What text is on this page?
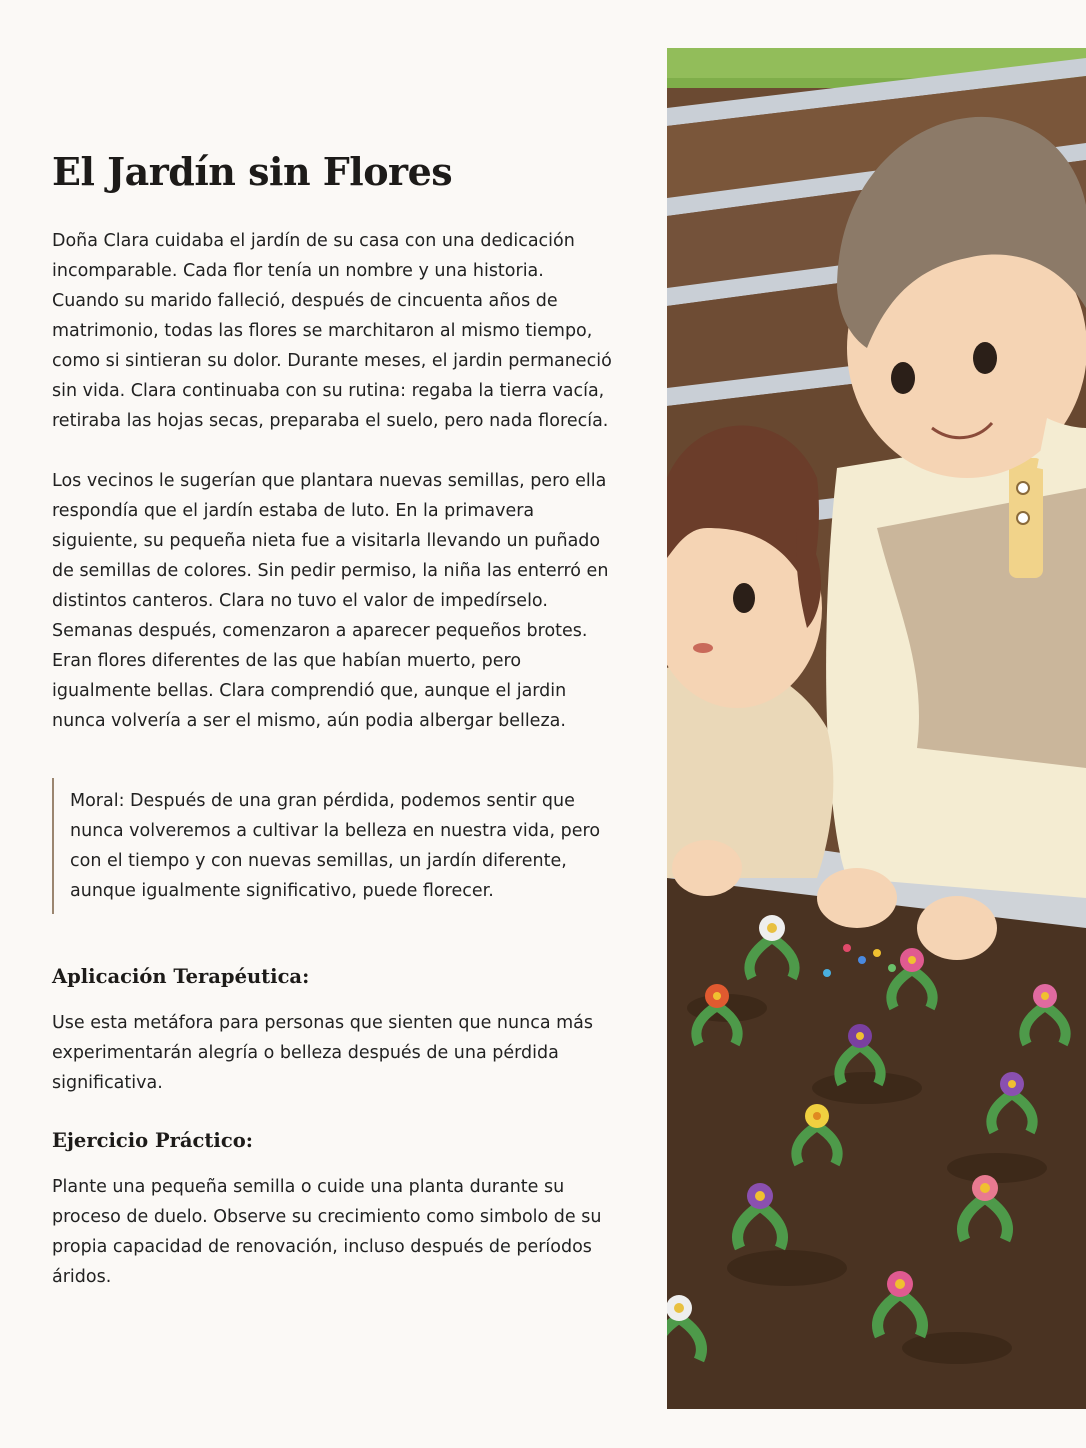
El Jardín sin Flores

Doña Clara cuidaba el jardín de su casa con una dedicación incomparable. Cada flor tenía un nombre y una historia. Cuando su marido falleció, después de cincuenta años de matrimonio, todas las flores se marchitaron al mismo tiempo, como si sintieran su dolor. Durante meses, el jardin permaneció sin vida. Clara continuaba con su rutina: regaba la tierra vacía, retiraba las hojas secas, preparaba el suelo, pero nada florecía.

Los vecinos le sugerían que plantara nuevas semillas, pero ella respondía que el jardín estaba de luto. En la primavera siguiente, su pequeña nieta fue a visitarla llevando un puñado de semillas de colores. Sin pedir permiso, la niña las enterró en distintos canteros. Clara no tuvo el valor de impedírselo. Semanas después, comenzaron a aparecer pequeños brotes. Eran flores diferentes de las que habían muerto, pero igualmente bellas. Clara comprendió que, aunque el jardin nunca volvería a ser el mismo, aún podia albergar belleza.

Moral: Después de una gran pérdida, podemos sentir que nunca volveremos a cultivar la belleza en nuestra vida, pero con el tiempo y con nuevas semillas, un jardín diferente, aunque igualmente significativo, puede florecer.

Aplicación Terapéutica:

Use esta metáfora para personas que sienten que nunca más experimentarán alegría o belleza después de una pérdida significativa.

Ejercicio Práctico:

Plante una pequeña semilla o cuide una planta durante su proceso de duelo. Observe su crecimiento como simbolo de su propia capacidad de renovación, incluso después de períodos áridos.
